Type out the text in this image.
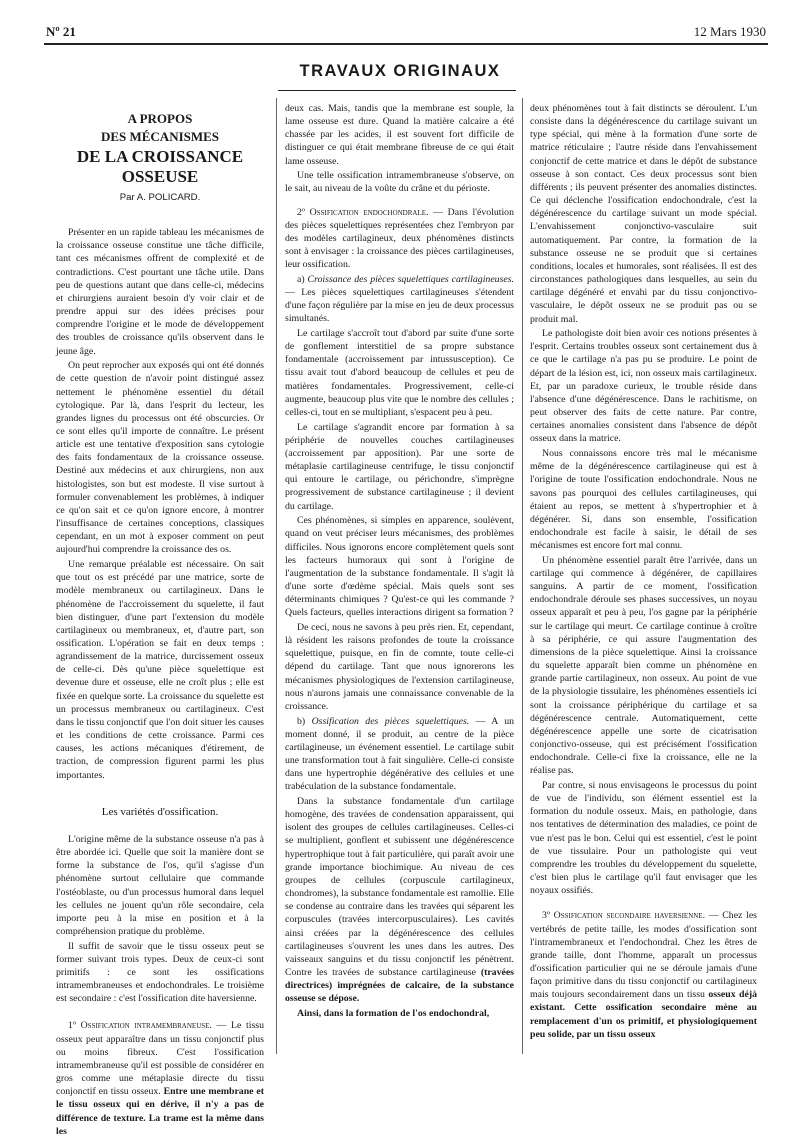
Nº 21	12 Mars 1930
TRAVAUX ORIGINAUX
A PROPOS
DES MÉCANISMES
DE LA CROISSANCE OSSEUSE
Par A. POLICARD.

Présenter en un rapide tableau les mécanismes de la croissance osseuse constitue une tâche difficile, tant ces mécanismes offrent de complexité et de contradictions. C'est pourtant une tâche utile. Dans peu de questions autant que dans celle-ci, médecins et chirurgiens auraient besoin d'y voir clair et de prendre appui sur des idées précises pour comprendre l'origine et le mode de développement des troubles de croissance qu'ils observent dans le jeune âge.

On peut reprocher aux exposés qui ont été donnés de cette question de n'avoir point distingué assez nettement le phénomène essentiel du détail cytologique. Par là, dans l'esprit du lecteur, les grandes lignes du processus ont été obscurcies. Or ce sont elles qu'il importe de connaître. Le présent article est une tentative d'exposition sans cytologie des faits fondamentaux de la croissance osseuse. Destiné aux médecins et aux chirurgiens, non aux histologistes, son but est modeste. Il vise surtout à formuler convenablement les problèmes, à indiquer ce qu'on sait et ce qu'on ignore encore, à montrer l'insuffisance de certaines conceptions, classiques cependant, en un mot à exposer comment on peut aujourd'hui comprendre la croissance des os.

Une remarque préalable est nécessaire. On sait que tout os est précédé par une matrice, sorte de modèle membraneux ou cartilagineux. Dans le phénomène de l'accroissement du squelette, il faut bien distinguer, d'une part l'extension du modèle cartilagineux ou membraneux, et, d'autre part, son ossification. L'opération se fait en deux temps : agrandissement de la matrice, durcissement osseux de celle-ci. Dès qu'une pièce squelettique est devenue dure et osseuse, elle ne croît plus ; elle est fixée en quelque sorte. La croissance du squelette est un processus membraneux ou cartilagineux. C'est dans le tissu conjonctif que l'on doit situer les causes et les conditions de cette croissance. Parmi ces causes, les actions mécaniques d'étirement, de traction, de compression figurent parmi les plus importantes.

Les variétés d'ossification.

L'origine même de la substance osseuse n'a pas à être abordée ici. Quelle que soit la manière dont se forme la substance de l'os, qu'il s'agisse d'un phénomène surtout cellulaire que commande l'ostéoblaste, ou d'un processus humoral dans lequel les cellules ne jouent qu'un rôle secondaire, cela importe peu à la mise en position et à la compréhension pratique du problème.

Il suffit de savoir que le tissu osseux peut se former suivant trois types. Deux de ceux-ci sont primitifs : ce sont les ossifications intramembraneuses et endochondrales. Le troisième est secondaire : c'est l'ossification dite haversienne.

1º Ossification intramembraneuse. — Le tissu osseux peut apparaître dans un tissu conjonctif plus ou moins fibreux. C'est l'ossification intramembraneuse qu'il est possible de considérer en gros comme une métaplasie directe du tissu conjonctif en tissu osseux. Entre une membrane et le tissu osseux qui en dérive, il n'y a pas de différence de texture. La trame est la même dans les

deux cas. Mais, tandis que la membrane est souple, la lame osseuse est dure. Quand la matière calcaire a été chassée par les acides, il est souvent fort difficile de distinguer ce qui était membrane fibreuse de ce qui était lame osseuse.

Une telle ossification intramembraneuse s'observe, on le sait, au niveau de la voûte du crâne et du périoste.

2º Ossification endochondrale. — Dans l'évolution des pièces squelettiques représentées chez l'embryon par des modèles cartilagineux, deux phénomènes distincts sont à envisager : la croissance des pièces cartilagineuses, leur ossification.

a) Croissance des pièces squelettiques cartilagineuses. — Les pièces squelettiques cartilagineuses s'étendent d'une façon régulière par la mise en jeu de deux processus simultanés.

Le cartilage s'accroît tout d'abord par suite d'une sorte de gonflement interstitiel de sa propre substance fondamentale (accroissement par intussusception). Ce tissu avait tout d'abord beaucoup de cellules et peu de matières fondamentales. Progressivement, celle-ci augmente, beaucoup plus vite que le nombre des cellules ; celles-ci, tout en se multipliant, s'espacent peu à peu.

Le cartilage s'agrandit encore par formation à sa périphérie de nouvelles couches cartilagineuses (accroissement par apposition). Par une sorte de métaplasie cartilagineuse centrifuge, le tissu conjonctif qui entoure le cartilage, ou périchondre, s'imprègne progressivement de substance cartilagineuse ; il devient du cartilage.

Ces phénomènes, si simples en apparence, soulèvent, quand on veut préciser leurs mécanismes, des problèmes difficiles. Nous ignorons encore complètement quels sont les facteurs humoraux qui sont à l'origine de l'augmentation de la substance fondamentale. Il s'agit là d'une sorte d'œdème spécial. Mais quels sont ses déterminants chimiques ? Qu'est-ce qui les commande ? Quels facteurs, quelles interactions dirigent sa formation ?

De ceci, nous ne savons à peu près rien. Et, cependant, là résident les raisons profondes de toute la croissance squelettique, puisque, en fin de comnte, toute celle-ci dépend du cartilage. Tant que nous ignorerons les mécanismes physiologiques de l'extension cartilagineuse, nous n'aurons jamais une connaissance convenable de la croissance.

b) Ossification des pièces squelettiques. — A un moment donné, il se produit, au centre de la pièce cartilagineuse, un événement essentiel. Le cartilage subit une transformation tout à fait singulière. Celle-ci consiste dans une hypertrophie dégénérative des cellules et une trabéculation de la substance fondamentale.

Dans la substance fondamentale d'un cartilage homogène, des travées de condensation apparaissent, qui isolent des groupes de cellules cartilagineuses. Celles-ci se multiplient, gonflent et subissent une dégénérescence hypertrophique tout à fait particulière, qui paraît avoir une grande importance biochimique. Au niveau de ces groupes de cellules (corpuscule cartilagineux, chondromes), la substance fondamentale est ramollie. Elle se condense au contraire dans les travées qui séparent les corpuscules (travées intercorpusculaires). Les cavités ainsi créées par la dégénérescence des cellules cartilagineuses s'ouvrent les unes dans les autres. Des vaisseaux sanguins et du tissu conjonctif les pénètrent. Contre les travées de substance cartilagineuse (travées directrices) imprégnées de calcaire, de la substance osseuse se dépose.

Ainsi, dans la formation de l'os endochondral,

deux phénomènes tout à fait distincts se déroulent. L'un consiste dans la dégénérescence du cartilage suivant un type spécial, qui mène à la formation d'une sorte de matrice réticulaire ; l'autre réside dans l'envahissement conjonctif de cette matrice et dans le dépôt de substance osseuse à son contact. Ces deux processus sont bien différents ; ils peuvent présenter des anomalies distinctes. Ce qui déclenche l'ossification endochondrale, c'est la dégénérescence du cartilage suivant un mode spécial. L'envahissement conjonctivo-vasculaire suit automatiquement. Par contre, la formation de la substance osseuse ne se produit que si certaines conditions, locales et humorales, sont réalisées. Il est des circonstances pathologiques dans lesquelles, au sein du cartilage dégénéré et envahi par du tissu conjonctivo-vasculaire, le dépôt osseux ne se produit pas ou se produit mal.

Le pathologiste doit bien avoir ces notions présentes à l'esprit. Certains troubles osseux sont certainement dus à ce que le cartilage n'a pas pu se produire. Le point de départ de la lésion est, ici, non osseux mais cartilagineux. Et, par un paradoxe curieux, le trouble réside dans l'absence d'une dégénérescence. Dans le rachitisme, on peut observer des faits de cette nature. Par contre, certaines anomalies consistent dans l'absence de dépôt osseux dans la matrice.

Nous connaissons encore très mal le mécanisme même de la dégénérescence cartilagineuse qui est à l'origine de toute l'ossification endochondrale. Nous ne savons pas pourquoi des cellules cartilagineuses, qui étaient au repos, se mettent à s'hypertrophier et à dégénérer. Si, dans son ensemble, l'ossification endochondrale est facile à saisir, le détail de ses mécanismes est encore fort mal connu.

Un phénomène essentiel paraît être l'arrivée, dans un cartilage qui commence à dégénérer, de capillaires sanguins. A partir de ce moment, l'ossification endochondrale déroule ses phases successives, un noyau osseux apparaît et peu à peu, l'os gagne par la périphérie sur le cartilage qui meurt. Ce cartilage continue à croître à sa périphérie, ce qui assure l'augmentation des dimensions de la pièce squelettique. Ainsi la croissance du squelette apparaît bien comme un phénomène en grande partie cartilagineux, non osseux. Au point de vue de la physiologie tissulaire, les phénomènes essentiels ici sont la croissance périphérique du cartilage et sa dégénérescence centrale. Automatiquement, cette dégénérescence appelle une sorte de cicatrisation conjonctivo-osseuse, qui est précisément l'ossification endochondrale. Celle-ci fixe la croissance, elle ne la réalise pas.

Par contre, si nous envisageons le processus du point de vue de l'individu, son élément essentiel est la formation du nodule osseux. Mais, en pathologie, dans nos tentatives de détermination des maladies, ce point de vue n'est pas le bon. Celui qui est essentiel, c'est le point de vue tissulaire. Pour un pathologiste qui veut comprendre les troubles du développement du squelette, c'est bien plus le cartilage qu'il faut envisager que les noyaux ossifiés.

3º Ossification secondaire haversienne. — Chez les vertébrés de petite taille, les modes d'ossification sont l'intramembraneux et l'endochondral. Chez les êtres de grande taille, dont l'homme, apparaît un processus d'ossification particulier qui ne se déroule jamais d'une façon primitive dans du tissu conjonctif ou cartilagineux mais toujours secondairement dans un tissu osseux déjà existant. Cette ossification secondaire mène au remplacement d'un os primitif, et physiologiquement peu solide, par un tissu osseux
